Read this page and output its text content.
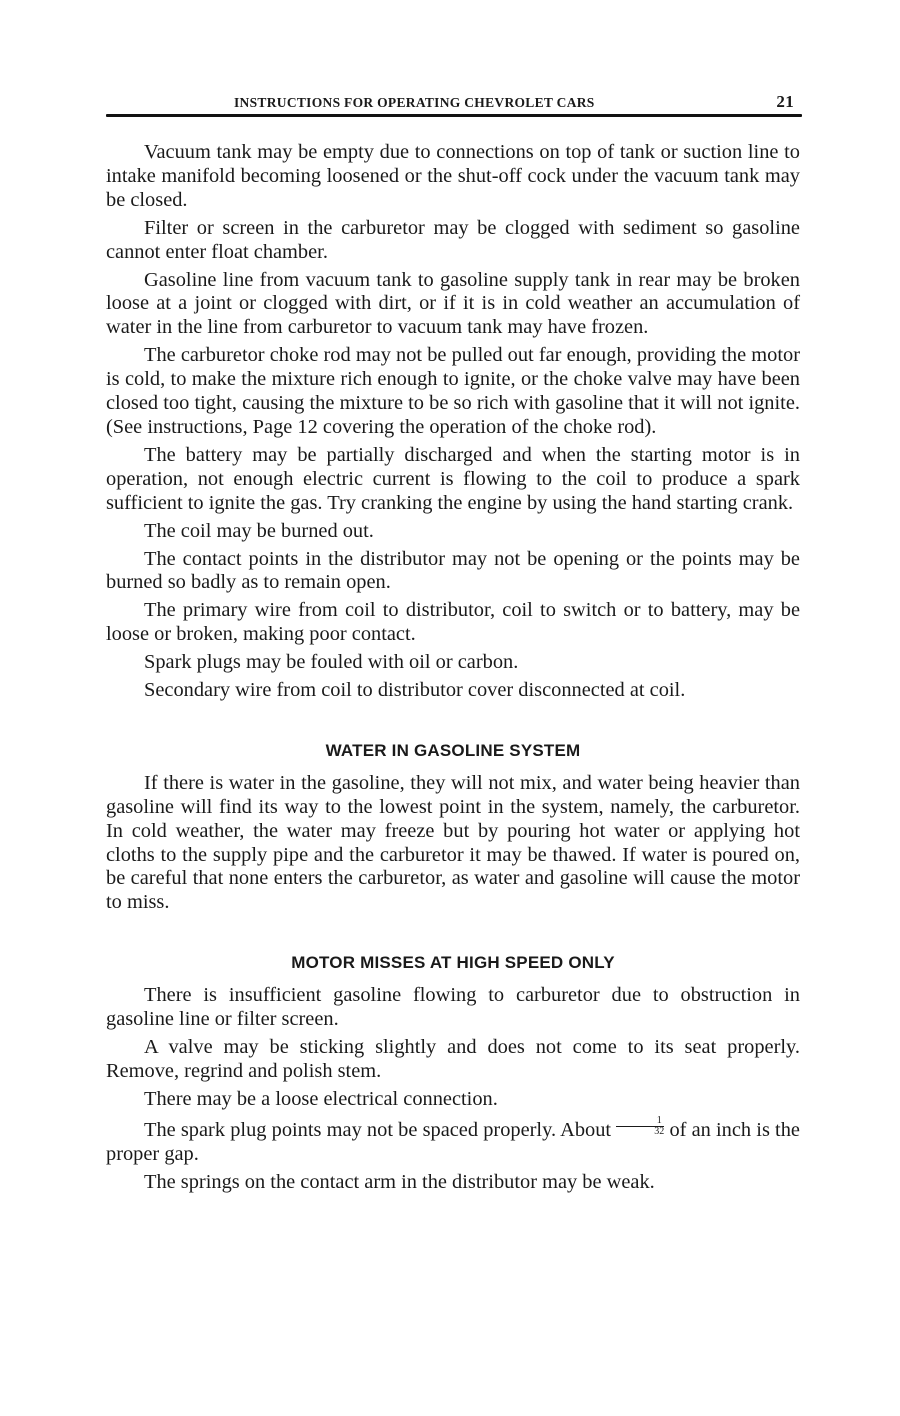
INSTRUCTIONS FOR OPERATING CHEVROLET CARS	21

Vacuum tank may be empty due to connections on top of tank or suction line to intake manifold becoming loosened or the shut-off cock under the vacuum tank may be closed.

Filter or screen in the carburetor may be clogged with sediment so gasoline cannot enter float chamber.

Gasoline line from vacuum tank to gasoline supply tank in rear may be broken loose at a joint or clogged with dirt, or if it is in cold weather an accumulation of water in the line from carburetor to vacuum tank may have frozen.

The carburetor choke rod may not be pulled out far enough, providing the motor is cold, to make the mixture rich enough to ignite, or the choke valve may have been closed too tight, causing the mixture to be so rich with gasoline that it will not ignite. (See instructions, Page 12 covering the operation of the choke rod).

The battery may be partially discharged and when the starting motor is in operation, not enough electric current is flowing to the coil to produce a spark sufficient to ignite the gas. Try cranking the engine by using the hand starting crank.

The coil may be burned out.

The contact points in the distributor may not be opening or the points may be burned so badly as to remain open.

The primary wire from coil to distributor, coil to switch or to battery, may be loose or broken, making poor contact.

Spark plugs may be fouled with oil or carbon.

Secondary wire from coil to distributor cover disconnected at coil.

WATER IN GASOLINE SYSTEM

If there is water in the gasoline, they will not mix, and water being heavier than gasoline will find its way to the lowest point in the system, namely, the carburetor. In cold weather, the water may freeze but by pouring hot water or applying hot cloths to the supply pipe and the carburetor it may be thawed. If water is poured on, be careful that none enters the carburetor, as water and gasoline will cause the motor to miss.

MOTOR MISSES AT HIGH SPEED ONLY

There is insufficient gasoline flowing to carburetor due to obstruction in gasoline line or filter screen.

A valve may be sticking slightly and does not come to its seat properly. Remove, regrind and polish stem.

There may be a loose electrical connection.

The spark plug points may not be spaced properly. About $\frac{1}{32}$ of an inch is the proper gap.

The springs on the contact arm in the distributor may be weak.
